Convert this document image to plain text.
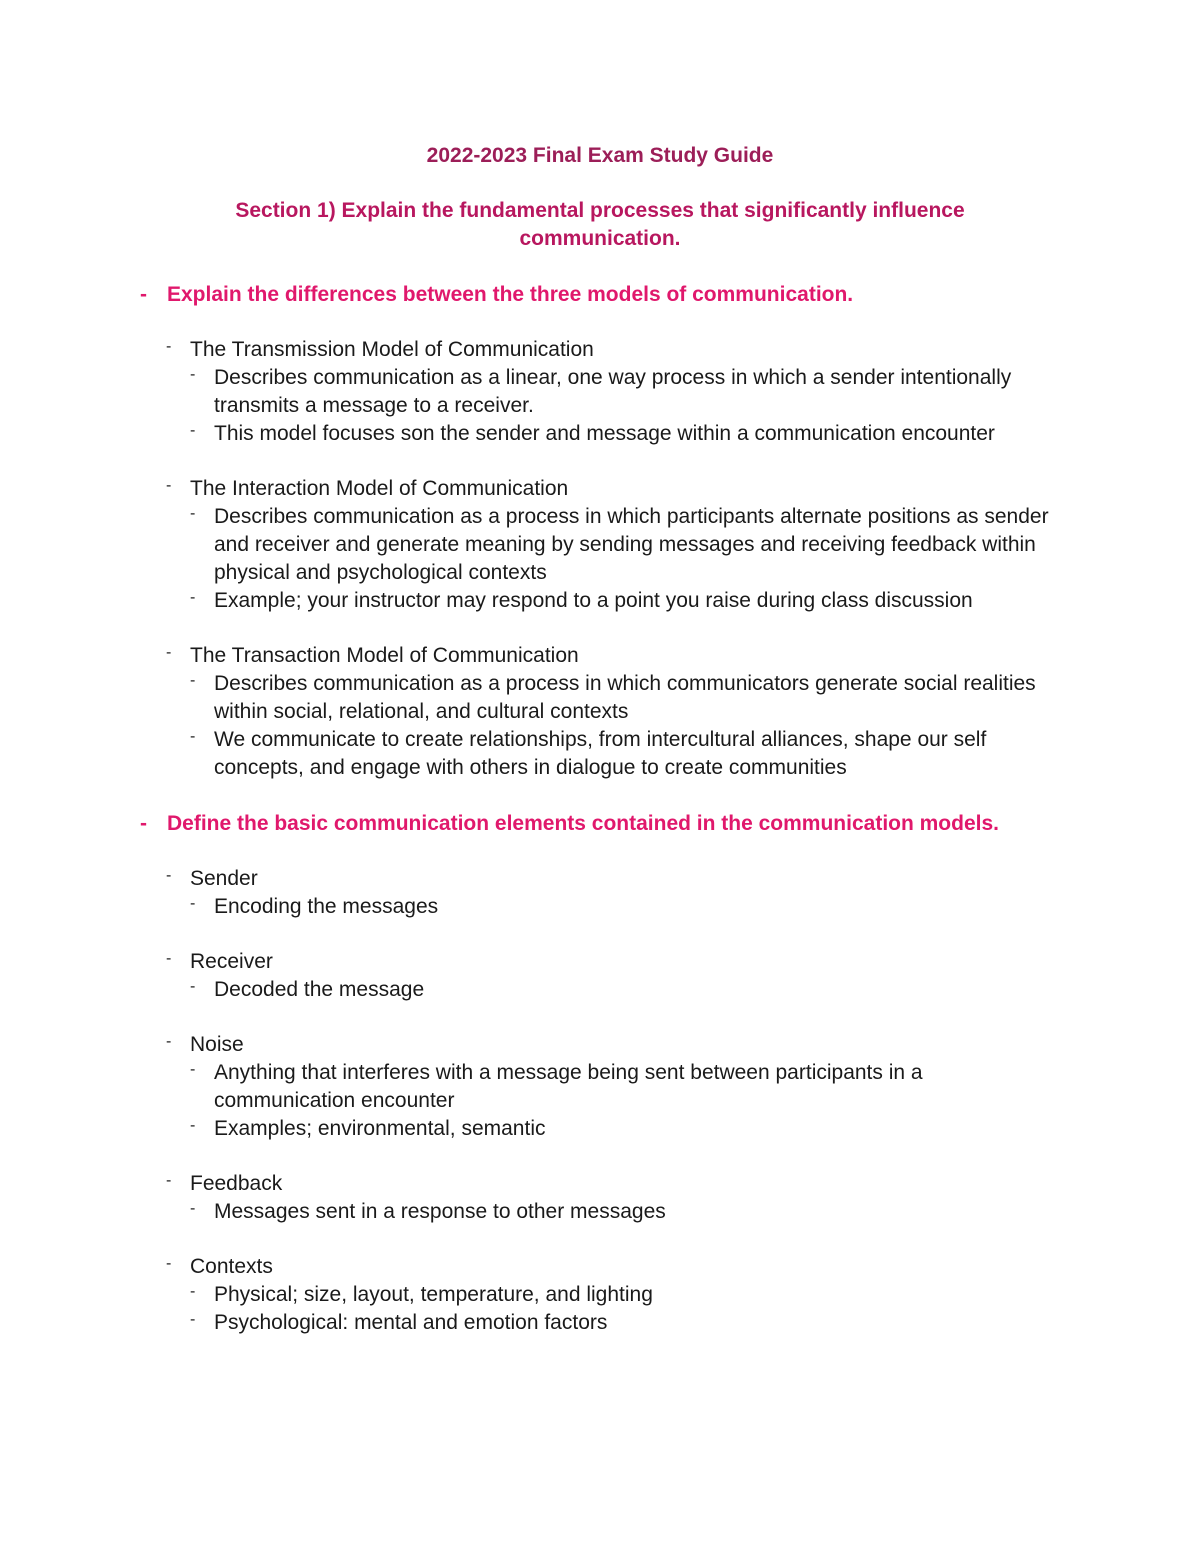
2022-2023 Final Exam Study Guide
Section 1) Explain the fundamental processes that significantly influence
communication.
- Explain the differences between the three models of communication.
- The Transmission Model of Communication
- Describes communication as a linear, one way process in which a sender intentionally transmits a message to a receiver.
- This model focuses son the sender and message within a communication encounter
- The Interaction Model of Communication
- Describes communication as a process in which participants alternate positions as sender and receiver and generate meaning by sending messages and receiving feedback within physical and psychological contexts
- Example; your instructor may respond to a point you raise during class discussion
- The Transaction Model of Communication
- Describes communication as a process in which communicators generate social realities within social, relational, and cultural contexts
- We communicate to create relationships, from intercultural alliances, shape our self concepts, and engage with others in dialogue to create communities
- Define the basic communication elements contained in the communication models.
- Sender
- Encoding the messages
- Receiver
- Decoded the message
- Noise
- Anything that interferes with a message being sent between participants in a communication encounter
- Examples; environmental, semantic
- Feedback
- Messages sent in a response to other messages
- Contexts
- Physical; size, layout, temperature, and lighting
- Psychological: mental and emotion factors
